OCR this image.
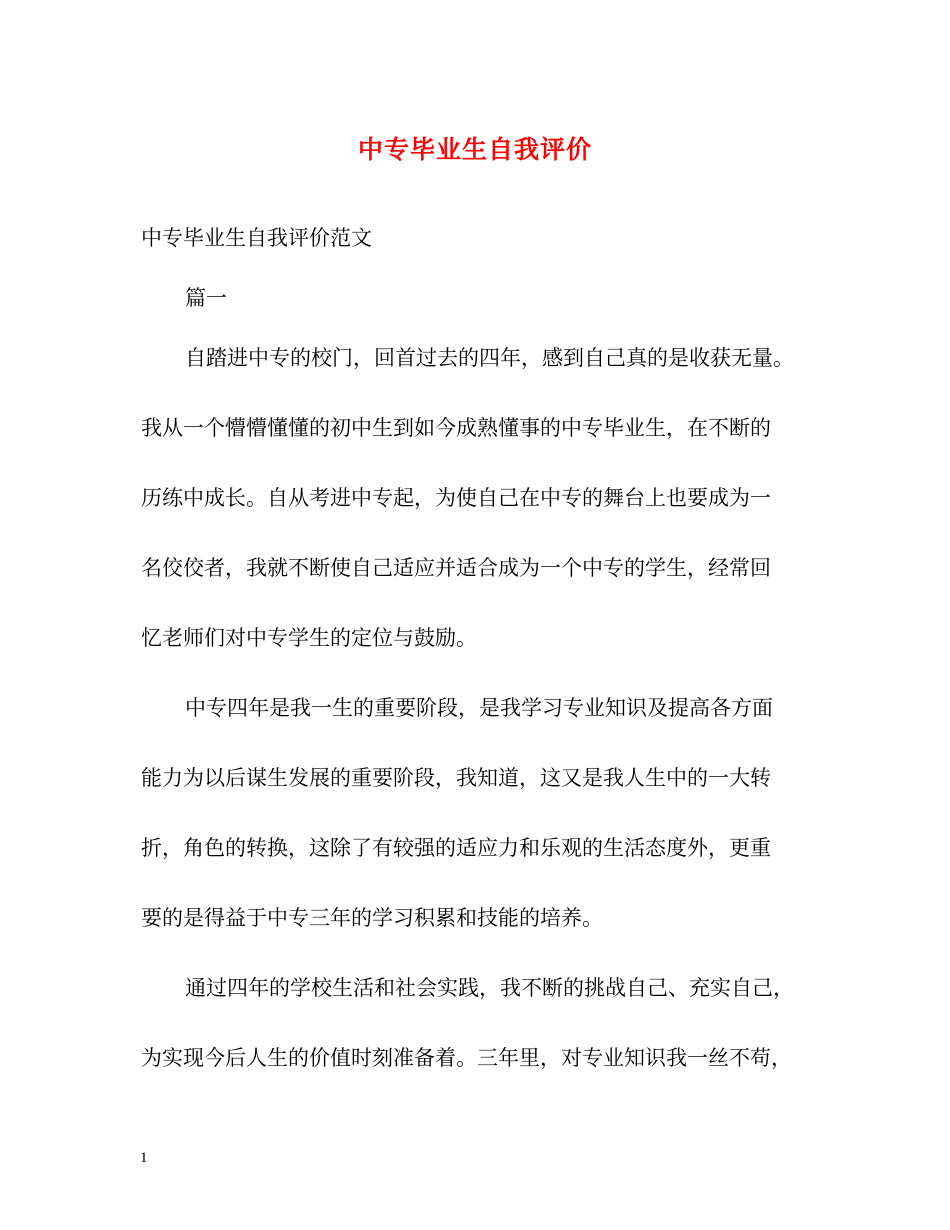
中专毕业生自我评价
中专毕业生自我评价范文
篇一
自踏进中专的校门，回首过去的四年，感到自己真的是收获无量。
我从一个懵懵懂懂的初中生到如今成熟懂事的中专毕业生，在不断的
历练中成长。自从考进中专起，为使自己在中专的舞台上也要成为一
名佼佼者，我就不断使自己适应并适合成为一个中专的学生，经常回
忆老师们对中专学生的定位与鼓励。
中专四年是我一生的重要阶段，是我学习专业知识及提高各方面
能力为以后谋生发展的重要阶段，我知道，这又是我人生中的一大转
折，角色的转换，这除了有较强的适应力和乐观的生活态度外，更重
要的是得益于中专三年的学习积累和技能的培养。
通过四年的学校生活和社会实践，我不断的挑战自己、充实自己，
为实现今后人生的价值时刻准备着。三年里，对专业知识我一丝不苟，
1
